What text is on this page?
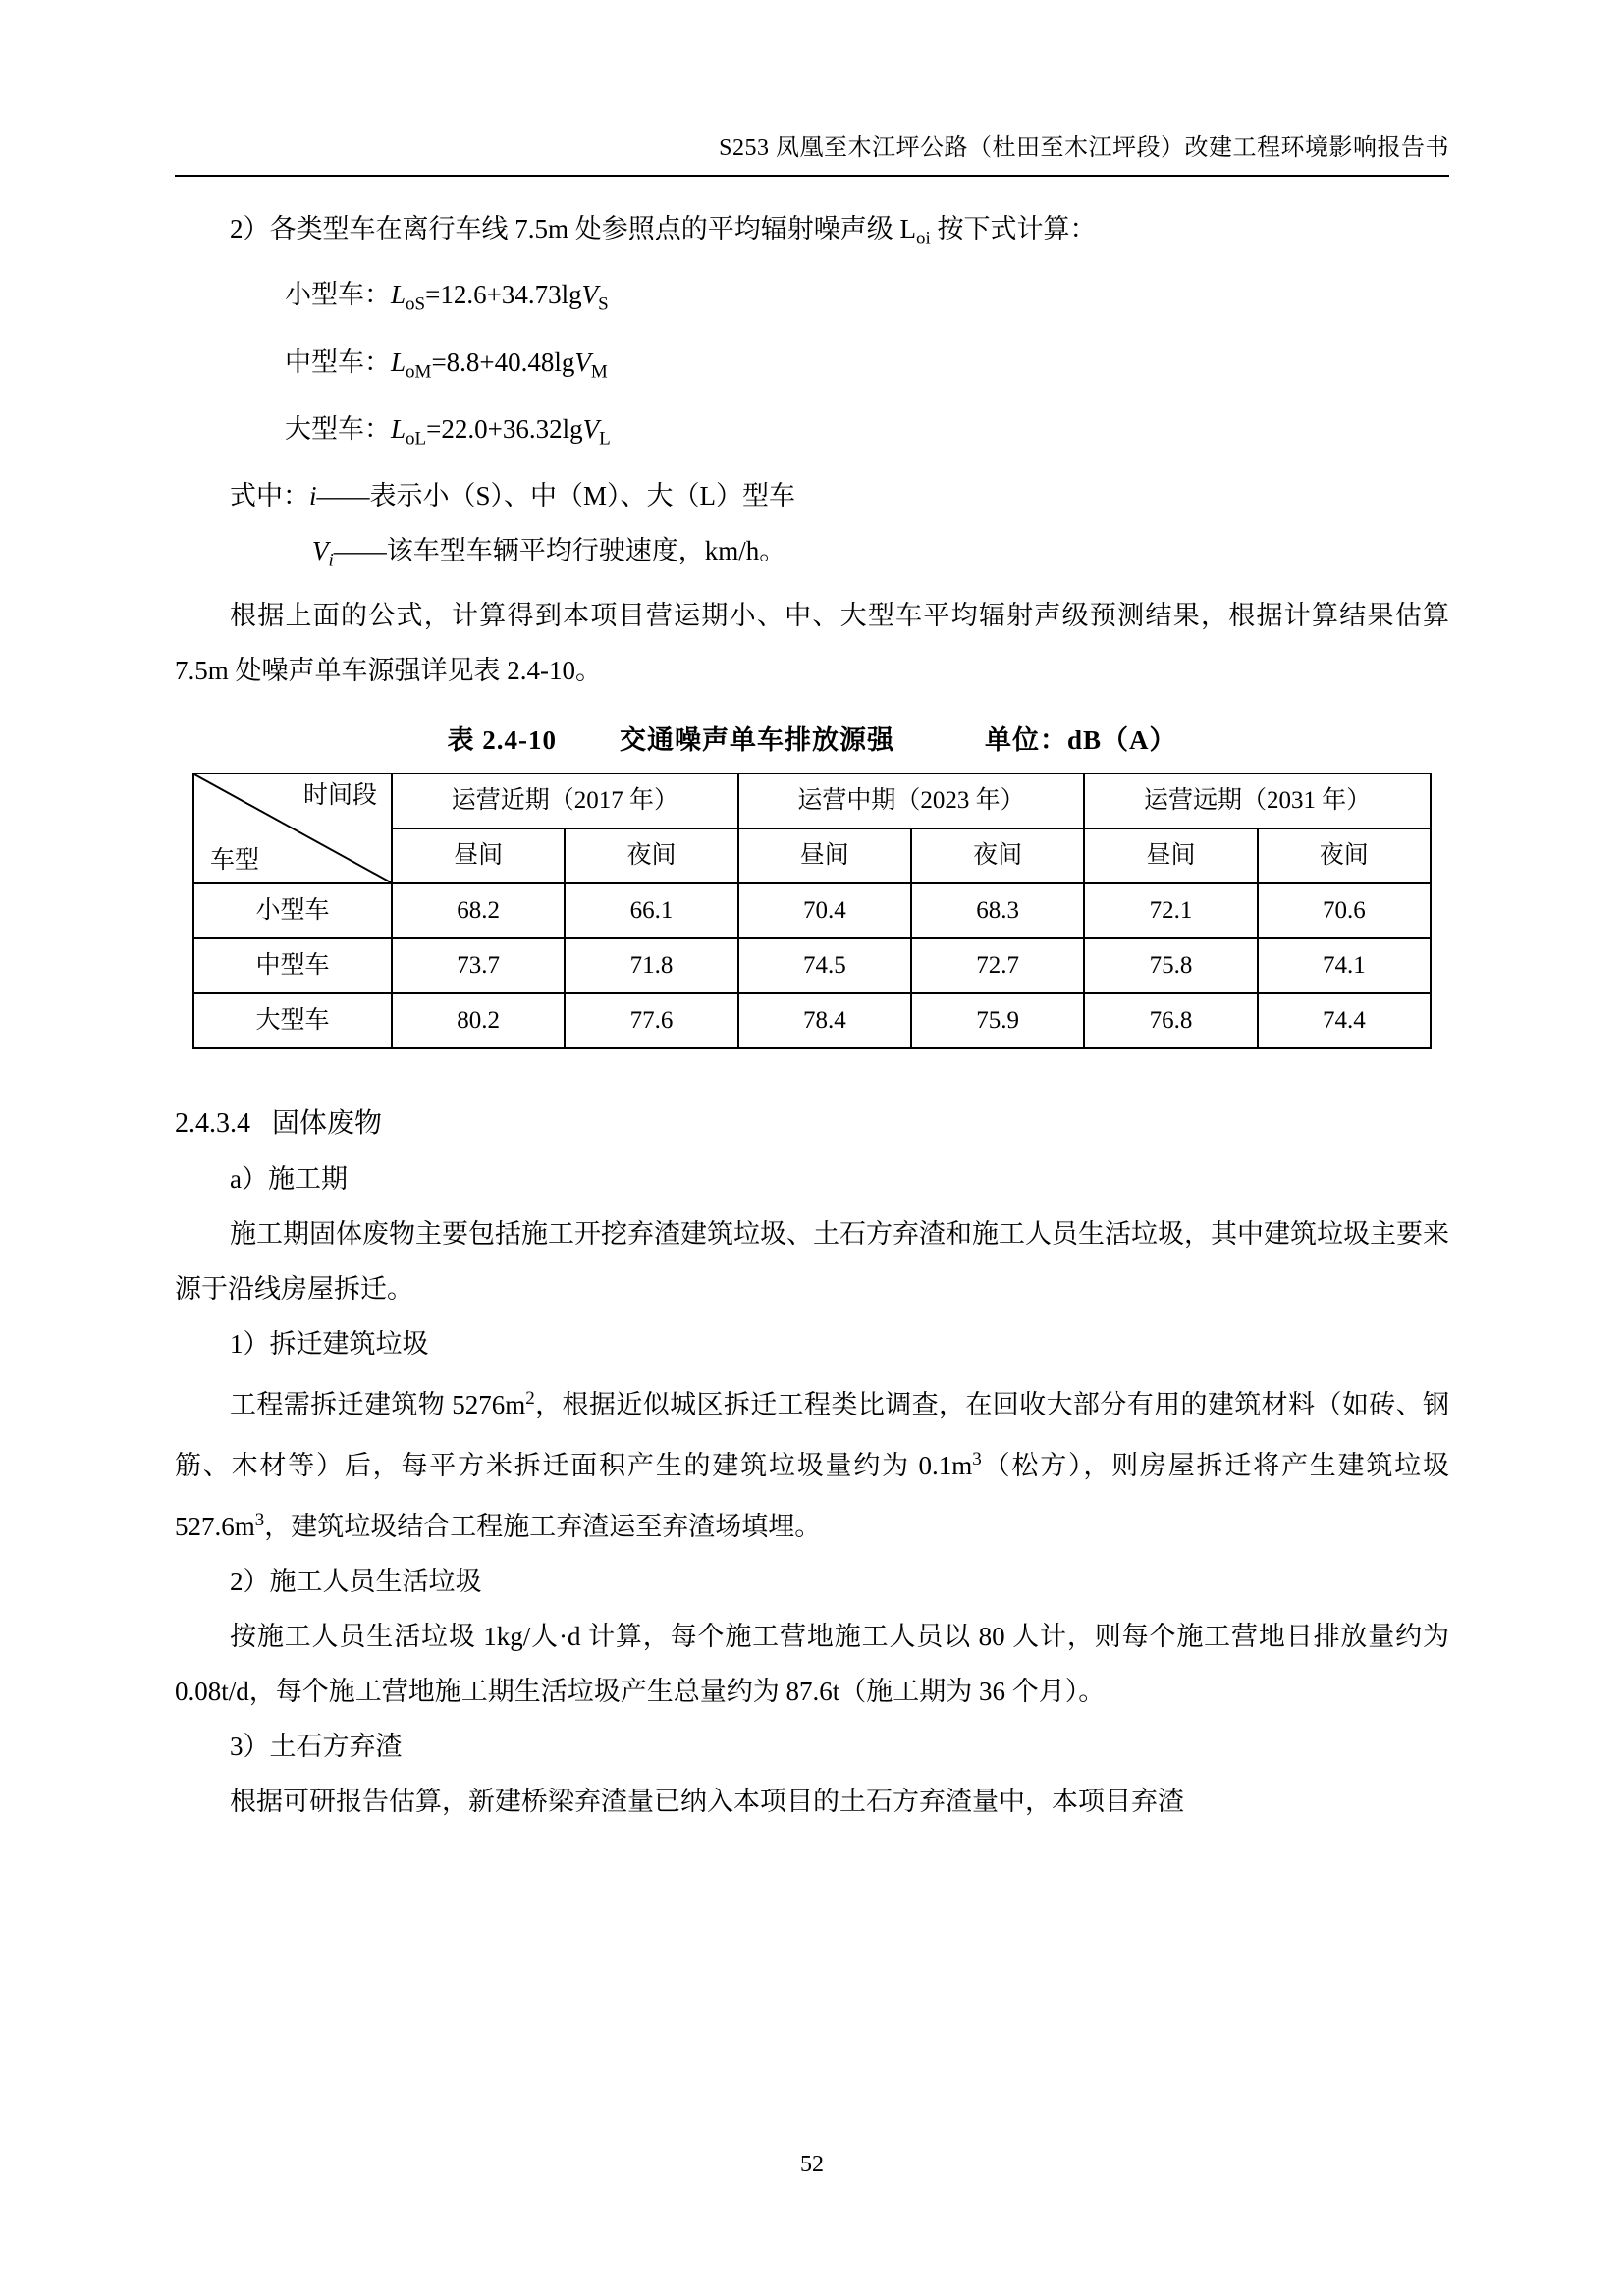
S253 凤凰至木江坪公路（杜田至木江坪段）改建工程环境影响报告书

2）各类型车在离行车线 7.5m 处参照点的平均辐射噪声级 $L_{oi}$ 按下式计算：

小型车：$L_{oS}=12.6+34.73\lg V_S$

中型车：$L_{oM}=8.8+40.48\lg V_M$

大型车：$L_{oL}=22.0+36.32\lg V_L$

式中：i——表示小（S）、中（M）、大（L）型车

$V_i——$该车型车辆平均行驶速度，km/h。

根据上面的公式，计算得到本项目营运期小、中、大型车平均辐射声级预测结果，根据计算结果估算 7.5m 处噪声单车源强详见表 2.4-10。

表 2.4-10 交通噪声单车排放源强	单位：dB（A）
时间段
车型	运营近期（2017 年）		运营中期（2023 年）		运营远期（2031 年）	
	昼间	夜间	昼间	夜间	昼间	夜间
小型车	68.2	66.1	70.4	68.3	72.1	70.6
中型车	73.7	71.8	74.5	72.7	75.8	74.1
大型车	80.2	77.6	78.4	75.9	76.8	74.4

2.4.3.4 固体废物

a）施工期

施工期固体废物主要包括施工开挖弃渣建筑垃圾、土石方弃渣和施工人员生活垃圾，其中建筑垃圾主要来源于沿线房屋拆迁。

1）拆迁建筑垃圾

工程需拆迁建筑物 $5276m^2$，根据近似城区拆迁工程类比调查，在回收大部分有用的建筑材料（如砖、钢筋、木材等）后，每平方米拆迁面积产生的建筑垃圾量约为 $0.1m^3$（松方），则房屋拆迁将产生建筑垃圾 $527.6m^3$，建筑垃圾结合工程施工弃渣运至弃渣场填埋。

2）施工人员生活垃圾

按施工人员生活垃圾 1kg/人·d 计算，每个施工营地施工人员以 80 人计，则每个施工营地日排放量约为 0.08t/d，每个施工营地施工期生活垃圾产生总量约为 87.6t（施工期为 36 个月）。

3）土石方弃渣

根据可研报告估算，新建桥梁弃渣量已纳入本项目的土石方弃渣量中，本项目弃渣

52
